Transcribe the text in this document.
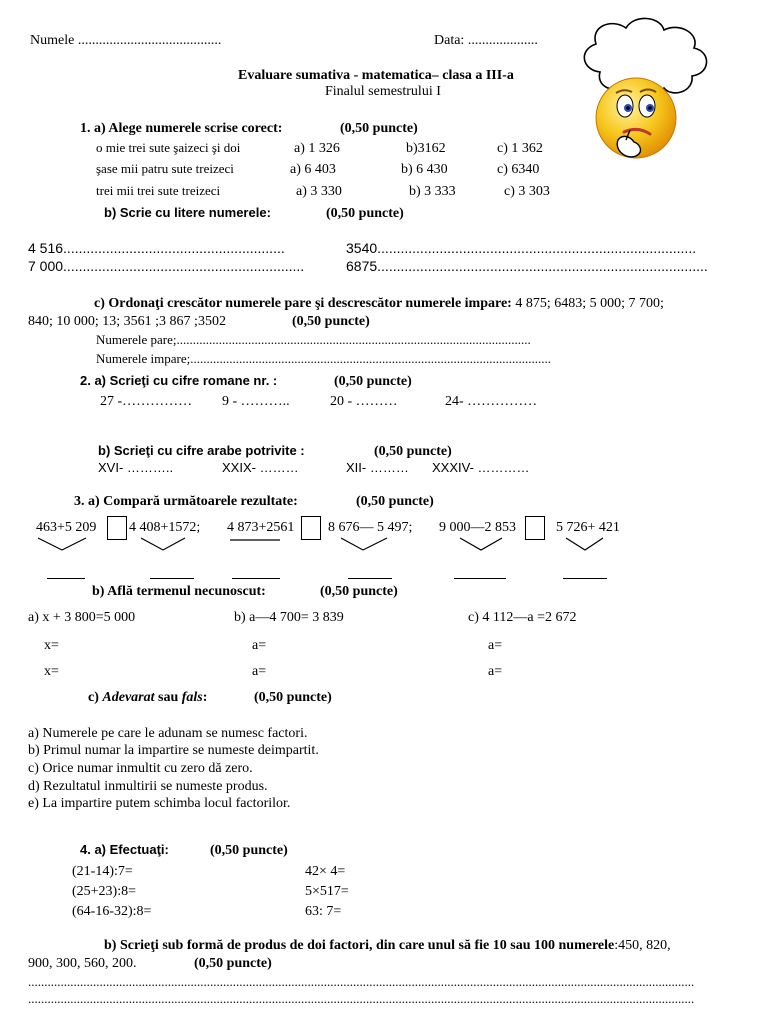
Numele .........................................	Data: ....................
Evaluare sumativa - matematica– clasa a III-a
Finalul semestrului I
1. a) Alege numerele scrise corect:	(0,50 puncte)
o mie trei sute şaizeci şi doi	a) 1 326	b)3162	c) 1 362
şase mii patru sute treizeci	a) 6 403	b) 6 430	c) 6340
trei mii trei sute treizeci	a) 3 330	b) 3 333	c) 3 303
b) Scrie cu litere numerele:	(0,50 puncte)
4 516.........................................................	3540..................................................................................
7 000..............................................................	6875.....................................................................................
c) Ordonaţi crescător numerele pare şi descrescător numerele impare: 4 875; 6483; 5 000; 7 700;
840; 10 000; 13; 3561 ;3 867 ;3502	(0,50 puncte)
Numerele pare;.............................................................................................................
Numerele impare;...............................................................................................................
2. a) Scrieţi cu cifre romane nr. :	(0,50 puncte)
27 -…………… 9 - ………..	20 - ………	24- ……………
b) Scrieţi cu cifre arabe potrivite :	(0,50 puncte)
XVI- ………..	XXIX- ………	XII- ……… XXXIV- …………
3. a) Compară următoarele rezultate:	(0,50 puncte)
463+5 209 4 408+1572; 4 873+2561 8 676— 5 497; 9 000—2 853	5 726+ 421
b) Află termenul necunoscut:	(0,50 puncte)
a) x + 3 800=5 000	b) a—4 700= 3 839	c) 4 112—a =2 672
x=	a=	a=
x=	a=	a=
c) Adevarat sau fals:	(0,50 puncte)
a) Numerele pe care le adunam se numesc factori.
b) Primul numar la impartire se numeste deimpartit.
c) Orice numar inmultit cu zero dă zero.
d) Rezultatul inmultirii se numeste produs.
e) La impartire putem schimba locul factorilor.
4. a) Efectuaţi:	(0,50 puncte)
(21-14):7=
(25+23):8=
(64-16-32):8=
42× 4=
5×517=
63: 7=
b) Scrieţi sub formă de produs de doi factori, din care unul să fie 10 sau 100 numerele:450, 820,
900, 300, 560, 200.	(0,50 puncte)
.............................................................................................................................................................................................................
.............................................................................................................................................................................................................
